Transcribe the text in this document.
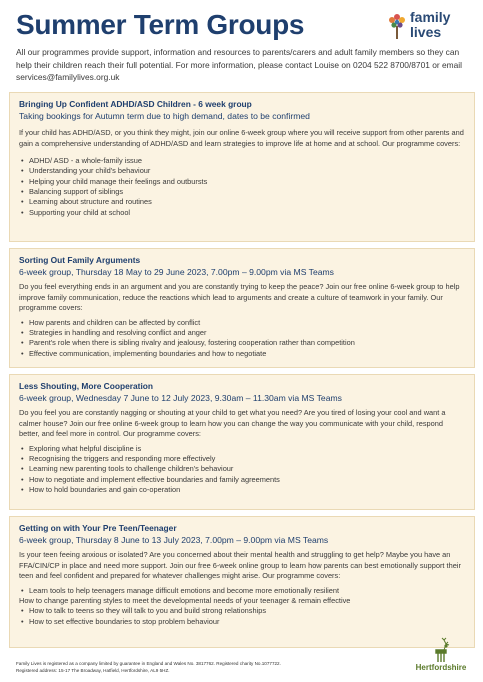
Summer Term Groups	family
lives
All our programmes provide support, information and resources to parents/carers and adult family members so they can help their children reach their full potential. For more information, please contact Louise on 0204 522 8700/8701 or email services@familylives.org.uk
Bringing Up Confident ADHD/ASD Children - 6 week group
Taking bookings for Autumn term due to high demand, dates to be confirmed
If your child has ADHD/ASD, or you think they might, join our online 6-week group where you will receive support from other parents and gain a comprehensive understanding of ADHD/ASD and learn strategies to improve life at home and at school. Our programme covers:
• ADHD/ ASD - a whole-family issue
• Understanding your child's behaviour
• Helping your child manage their feelings and outbursts
• Balancing support of siblings
• Learning about structure and routines
• Supporting your child at school
Sorting Out Family Arguments
6-week group, Thursday 18 May to 29 June 2023, 7.00pm – 9.00pm via MS Teams
Do you feel everything ends in an argument and you are constantly trying to keep the peace? Join our free online 6-week group to help improve family communication, reduce the reactions which lead to arguments and create a culture of teamwork in your family. Our programme covers:
• How parents and children can be affected by conflict
• Strategies in handling and resolving conflict and anger
• Parent's role when there is sibling rivalry and jealousy, fostering cooperation rather than competition
• Effective communication, implementing boundaries and how to negotiate
Less Shouting, More Cooperation
6-week group, Wednesday 7 June to 12 July 2023, 9.30am – 11.30am via MS Teams
Do you feel you are constantly nagging or shouting at your child to get what you need? Are you tired of losing your cool and want a calmer house? Join our free online 6-week group to learn how you can change the way you communicate with your child, respond better, and feel more in control. Our programme covers:
• Exploring what helpful discipline is
• Recognising the triggers and responding more effectively
• Learning new parenting tools to challenge children's behaviour
• How to negotiate and implement effective boundaries and family agreements
• How to hold boundaries and gain co-operation
Getting on with Your Pre Teen/Teenager
6-week group, Thursday 8 June to 13 July 2023, 7.00pm – 9.00pm via MS Teams
Is your teen feeing anxious or isolated? Are you concerned about their mental health and struggling to get help? Maybe you have an FFA/CIN/CP in place and need more support. Join our free 6-week online group to learn how parents can best emotionally support their teen and feel confident and prepared for whatever challenges might arise. Our programme covers:
• Learn tools to help teenagers manage difficult emotions and become more emotionally resilient
How to change parenting styles to meet the developmental needs of your teenager & remain effective
• How to talk to teens so they will talk to you and build strong relationships
• How to set effective boundaries to stop problem behaviour
Family Lives is registered as a company limited by guarantee in England and Wales No. 3817762. Registered charity No.1077722.
Registered address: 15-17 The Broadway, Hatfield, Hertfordshire, AL9 5HZ.	Hertfordshire
